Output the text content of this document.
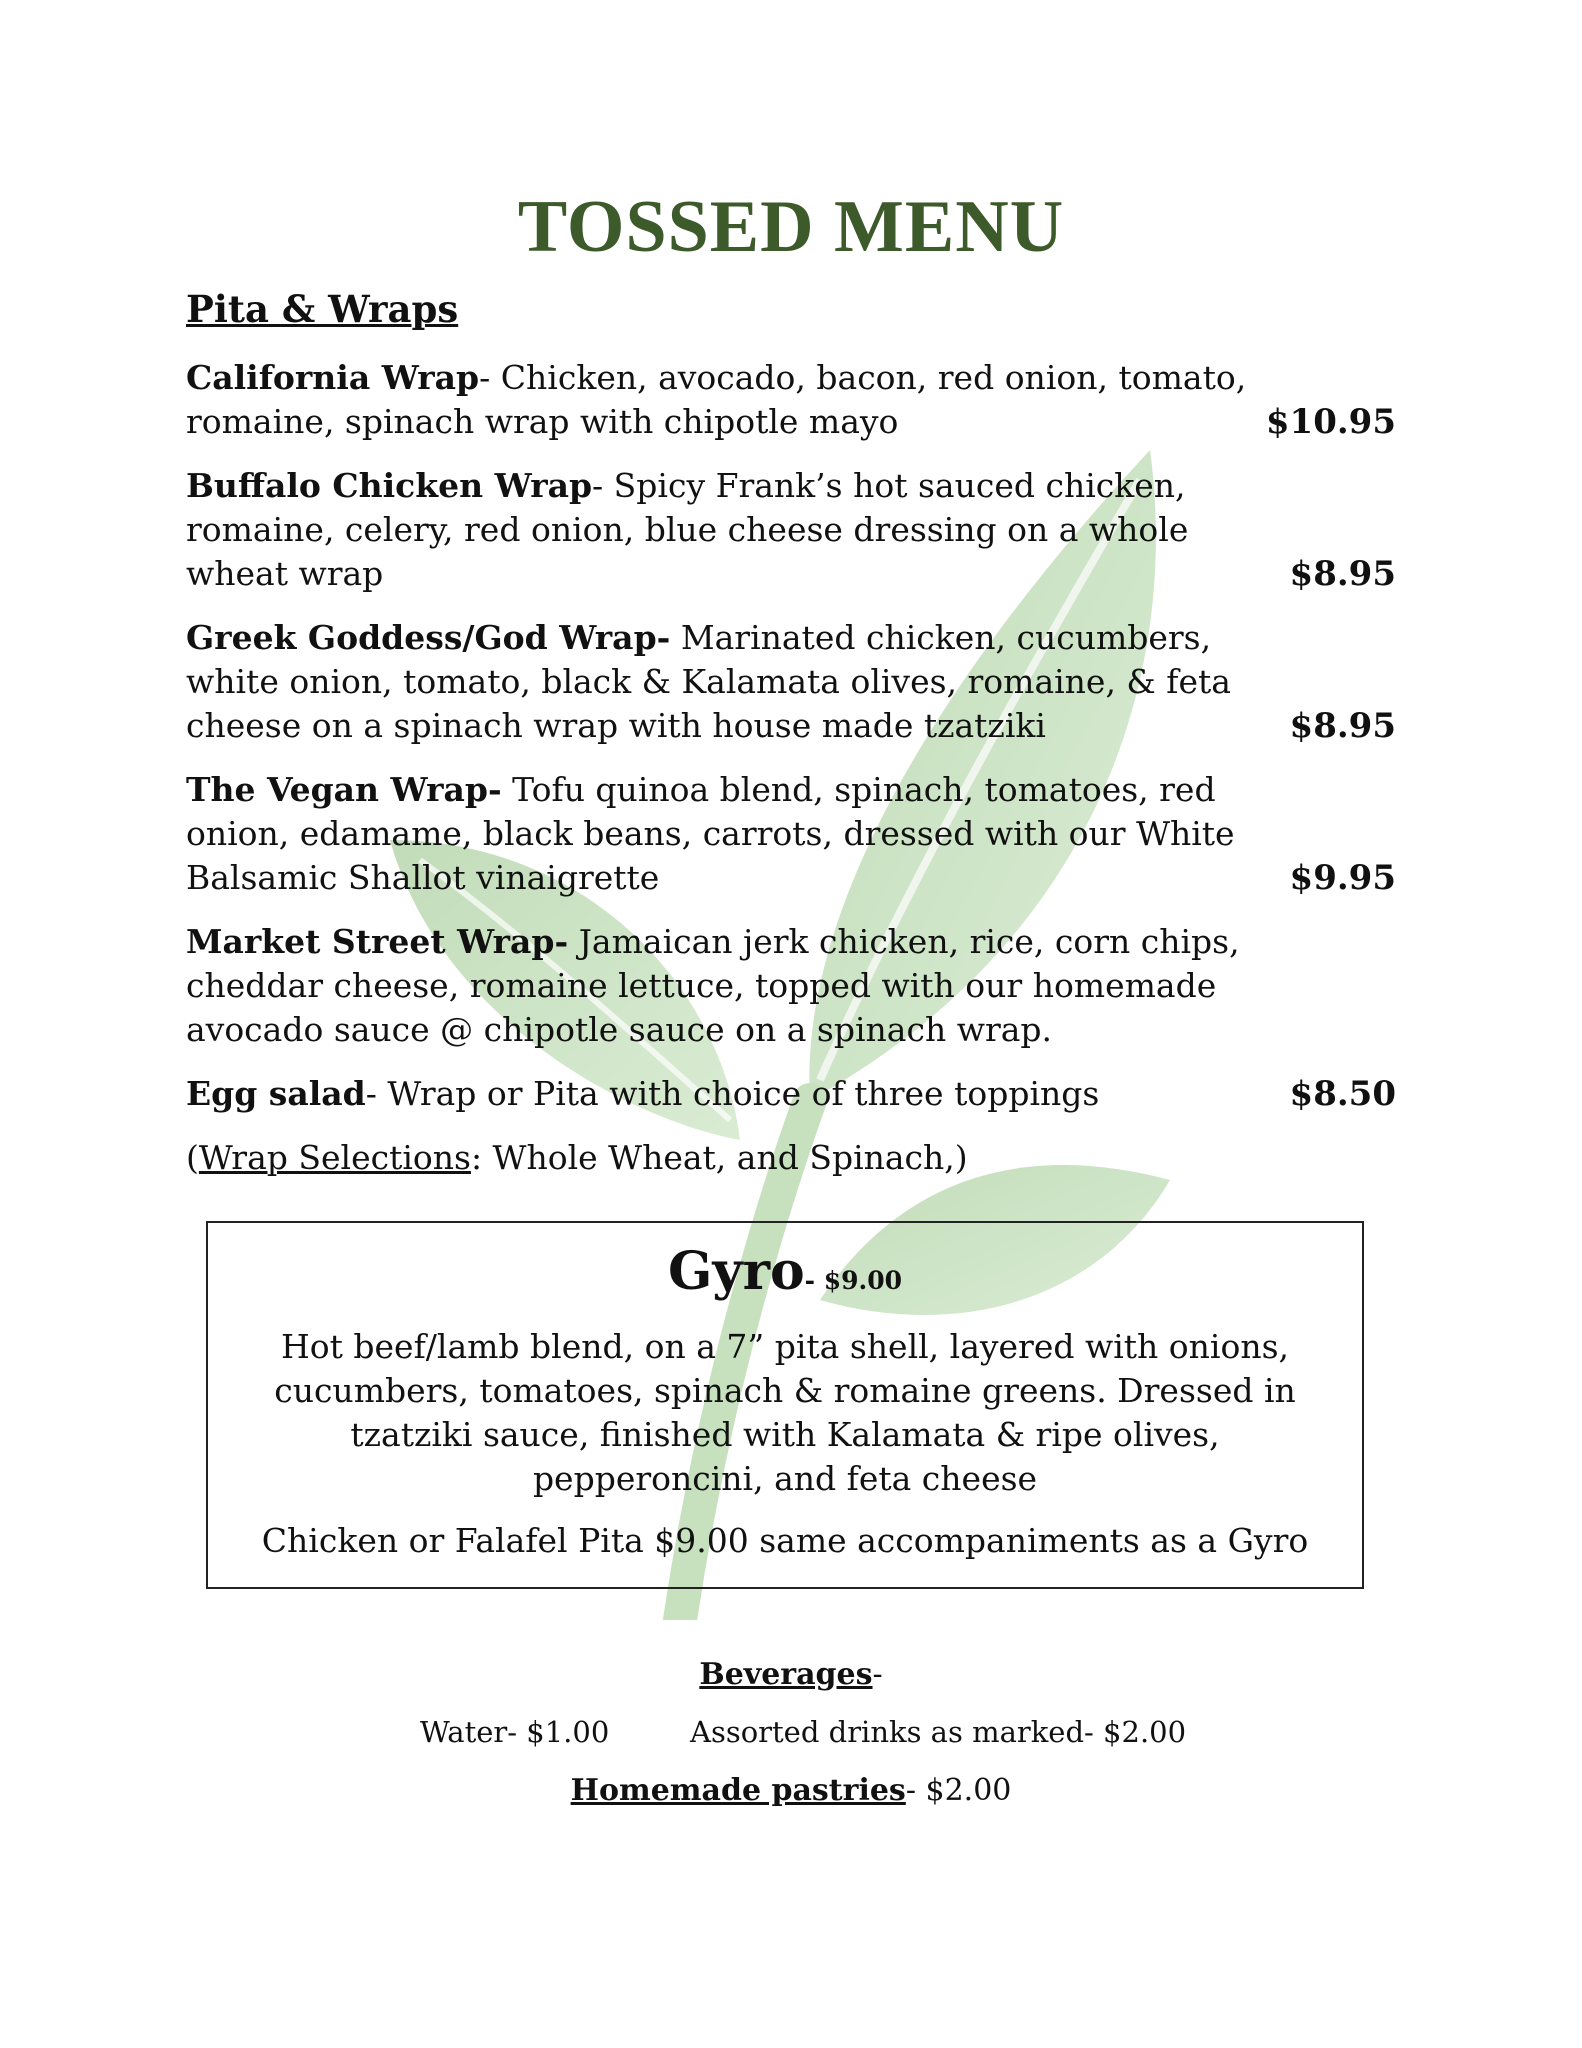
TOSSED MENU
Pita & Wraps
California Wrap- Chicken, avocado, bacon, red onion, tomato, romaine, spinach wrap with chipotle mayo	$10.95
Buffalo Chicken Wrap- Spicy Frank’s hot sauced chicken, romaine, celery, red onion, blue cheese dressing on a whole wheat wrap	$8.95
Greek Goddess/God Wrap- Marinated chicken, cucumbers, white onion, tomato, black & Kalamata olives, romaine, & feta cheese on a spinach wrap with house made tzatziki	$8.95
The Vegan Wrap- Tofu quinoa blend, spinach, tomatoes, red onion, edamame, black beans, carrots, dressed with our White Balsamic Shallot vinaigrette	$9.95
Market Street Wrap- Jamaican jerk chicken, rice, corn chips, cheddar cheese, romaine lettuce, topped with our homemade avocado sauce @ chipotle sauce on a spinach wrap.
Egg salad- Wrap or Pita with choice of three toppings	$8.50
(Wrap Selections: Whole Wheat, and Spinach,)
Gyro- $9.00
Hot beef/lamb blend, on a 7” pita shell, layered with onions, cucumbers, tomatoes, spinach & romaine greens. Dressed in tzatziki sauce, finished with Kalamata & ripe olives, pepperoncini, and feta cheese
Chicken or Falafel Pita $9.00 same accompaniments as a Gyro
Beverages-
Water- $1.00	Assorted drinks as marked- $2.00
Homemade pastries- $2.00
